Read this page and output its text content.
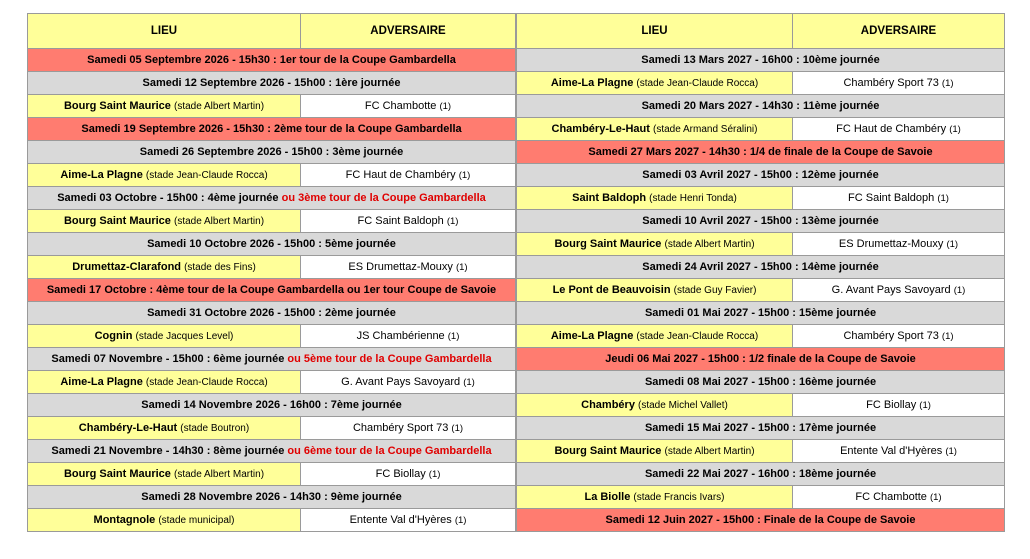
LIEU	ADVERSAIRE
Samedi 05 Septembre 2026 - 15h30 : 1er tour de la Coupe Gambardella	
Samedi 12 Septembre 2026 - 15h00 : 1ère journée	
Bourg Saint Maurice (stade Albert Martin)	FC Chambotte (1)
Samedi 19 Septembre 2026 - 15h30 : 2ème tour de la Coupe Gambardella	
Samedi 26 Septembre 2026 - 15h00 : 3ème journée	
Aime-La Plagne (stade Jean-Claude Rocca)	FC Haut de Chambéry (1)
Samedi 03 Octobre - 15h00 : 4ème journée ou 3ème tour de la Coupe Gambardella	
Bourg Saint Maurice (stade Albert Martin)	FC Saint Baldoph (1)
Samedi 10 Octobre 2026 - 15h00 : 5ème journée	
Drumettaz-Clarafond (stade des Fins)	ES Drumettaz-Mouxy (1)
Samedi 17 Octobre : 4ème tour de la Coupe Gambardella ou 1er tour Coupe de Savoie	
Samedi 31 Octobre 2026 - 15h00 : 2ème journée	
Cognin (stade Jacques Level)	JS Chambérienne (1)
Samedi 07 Novembre - 15h00 : 6ème journée ou 5ème tour de la Coupe Gambardella	
Aime-La Plagne (stade Jean-Claude Rocca)	G. Avant Pays Savoyard (1)
Samedi 14 Novembre 2026 - 16h00 : 7ème journée	
Chambéry-Le-Haut (stade Boutron)	Chambéry Sport 73 (1)
Samedi 21 Novembre - 14h30 : 8ème journée ou 6ème tour de la Coupe Gambardella	
Bourg Saint Maurice (stade Albert Martin)	FC Biollay (1)
Samedi 28 Novembre 2026 - 14h30 : 9ème journée	
Montagnole (stade municipal)	Entente Val d'Hyères (1)
LIEU	ADVERSAIRE
Samedi 13 Mars 2027 - 16h00 : 10ème journée	
Aime-La Plagne (stade Jean-Claude Rocca)	Chambéry Sport 73 (1)
Samedi 20 Mars 2027 - 14h30 : 11ème journée	
Chambéry-Le-Haut (stade Armand Séralini)	FC Haut de Chambéry (1)
Samedi 27 Mars 2027 - 14h30 : 1/4 de finale de la Coupe de Savoie	
Samedi 03 Avril 2027 - 15h00 : 12ème journée	
Saint Baldoph (stade Henri Tonda)	FC Saint Baldoph (1)
Samedi 10 Avril 2027 - 15h00 : 13ème journée	
Bourg Saint Maurice (stade Albert Martin)	ES Drumettaz-Mouxy (1)
Samedi 24 Avril 2027 - 15h00 : 14ème journée	
Le Pont de Beauvoisin (stade Guy Favier)	G. Avant Pays Savoyard (1)
Samedi 01 Mai 2027 - 15h00 : 15ème journée	
Aime-La Plagne (stade Jean-Claude Rocca)	Chambéry Sport 73 (1)
Jeudi 06 Mai 2027 - 15h00 : 1/2 finale de la Coupe de Savoie	
Samedi 08 Mai 2027 - 15h00 : 16ème journée	
Chambéry (stade Michel Vallet)	FC Biollay (1)
Samedi 15 Mai 2027 - 15h00 : 17ème journée	
Bourg Saint Maurice (stade Albert Martin)	Entente Val d'Hyères (1)
Samedi 22 Mai 2027 - 16h00 : 18ème journée	
La Biolle (stade Francis Ivars)	FC Chambotte (1)
Samedi 12 Juin 2027 - 15h00 : Finale de la Coupe de Savoie	
